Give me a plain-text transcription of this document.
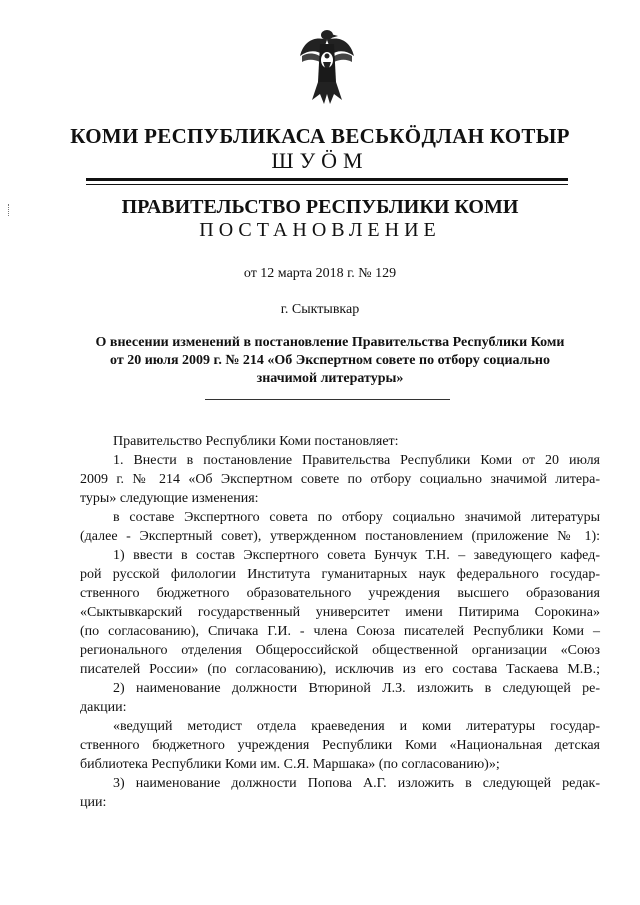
КОМИ РЕСПУБЛИКАСА ВЕСЬКÖДЛАН КОТЫР
ШУÖМ
ПРАВИТЕЛЬСТВО РЕСПУБЛИКИ КОМИ
ПОСТАНОВЛЕНИЕ
от 12 марта 2018 г. № 129
г. Сыктывкар
О внесении изменений в постановление Правительства Республики Коми
от 20 июля 2009 г. № 214 «Об Экспертном совете по отбору социально
значимой литературы»
Правительство Республики Коми постановляет:
1. Внести в постановление Правительства Республики Коми от 20 июля
2009 г. № 214 «Об Экспертном совете по отбору социально значимой литера-
туры» следующие изменения:
в составе Экспертного совета по отбору социально значимой литературы
(далее - Экспертный совет), утвержденном постановлением (приложение № 1):
1) ввести в состав Экспертного совета Бунчук Т.Н. – заведующего кафед-
рой русской филологии Института гуманитарных наук федерального государ-
ственного бюджетного образовательного учреждения высшего образования
«Сыктывкарский государственный университет имени Питирима Сорокина»
(по согласованию), Спичака Г.И. - члена Союза писателей Республики Коми –
регионального отделения Общероссийской общественной организации «Союз
писателей России» (по согласованию), исключив из его состава Таскаева М.В.;
2) наименование должности Втюриной Л.З. изложить в следующей ре-
дакции:
«ведущий методист отдела краеведения и коми литературы государ-
ственного бюджетного учреждения Республики Коми «Национальная детская
библиотека Республики Коми им. С.Я. Маршака» (по согласованию)»;
3) наименование должности Попова А.Г. изложить в следующей редак-
ции:
